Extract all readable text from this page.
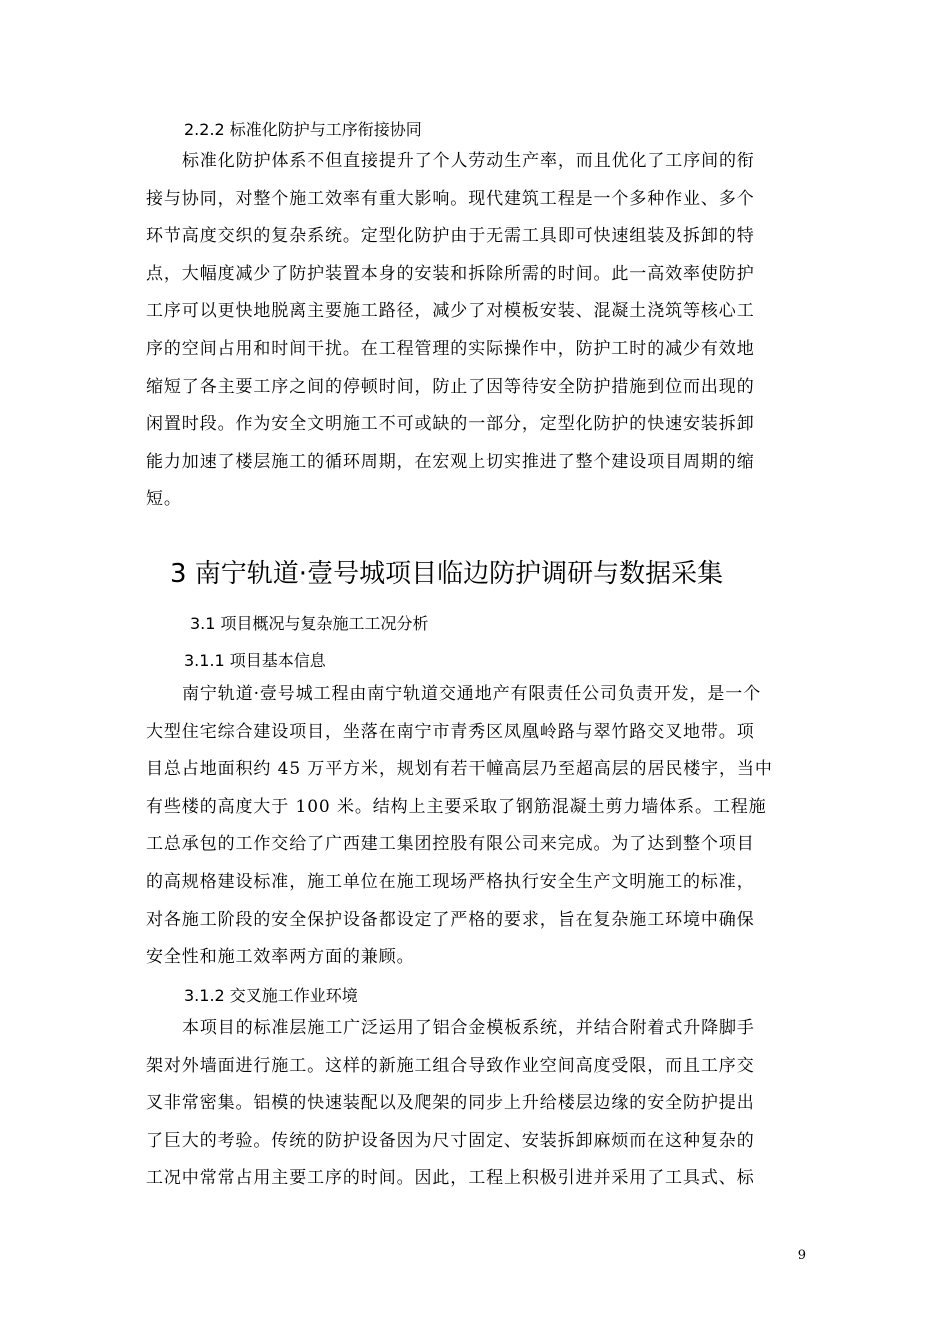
2.2.2 标准化防护与工序衔接协同
标准化防护体系不但直接提升了个人劳动生产率，而且优化了工序间的衔
接与协同，对整个施工效率有重大影响。现代建筑工程是一个多种作业、多个
环节高度交织的复杂系统。定型化防护由于无需工具即可快速组装及拆卸的特
点，大幅度减少了防护装置本身的安装和拆除所需的时间。此一高效率使防护
工序可以更快地脱离主要施工路径，减少了对模板安装、混凝土浇筑等核心工
序的空间占用和时间干扰。在工程管理的实际操作中，防护工时的减少有效地
缩短了各主要工序之间的停顿时间，防止了因等待安全防护措施到位而出现的
闲置时段。作为安全文明施工不可或缺的一部分，定型化防护的快速安装拆卸
能力加速了楼层施工的循环周期，在宏观上切实推进了整个建设项目周期的缩
短。
3 南宁轨道·壹号城项目临边防护调研与数据采集
3.1 项目概况与复杂施工工况分析
3.1.1 项目基本信息
南宁轨道·壹号城工程由南宁轨道交通地产有限责任公司负责开发，是一个
大型住宅综合建设项目，坐落在南宁市青秀区凤凰岭路与翠竹路交叉地带。项
目总占地面积约 45 万平方米，规划有若干幢高层乃至超高层的居民楼宇，当中
有些楼的高度大于 100 米。结构上主要采取了钢筋混凝土剪力墙体系。工程施
工总承包的工作交给了广西建工集团控股有限公司来完成。为了达到整个项目
的高规格建设标准，施工单位在施工现场严格执行安全生产文明施工的标准，
对各施工阶段的安全保护设备都设定了严格的要求，旨在复杂施工环境中确保
安全性和施工效率两方面的兼顾。
3.1.2 交叉施工作业环境
本项目的标准层施工广泛运用了铝合金模板系统，并结合附着式升降脚手
架对外墙面进行施工。这样的新施工组合导致作业空间高度受限，而且工序交
叉非常密集。铝模的快速装配以及爬架的同步上升给楼层边缘的安全防护提出
了巨大的考验。传统的防护设备因为尺寸固定、安装拆卸麻烦而在这种复杂的
工况中常常占用主要工序的时间。因此，工程上积极引进并采用了工具式、标
9
